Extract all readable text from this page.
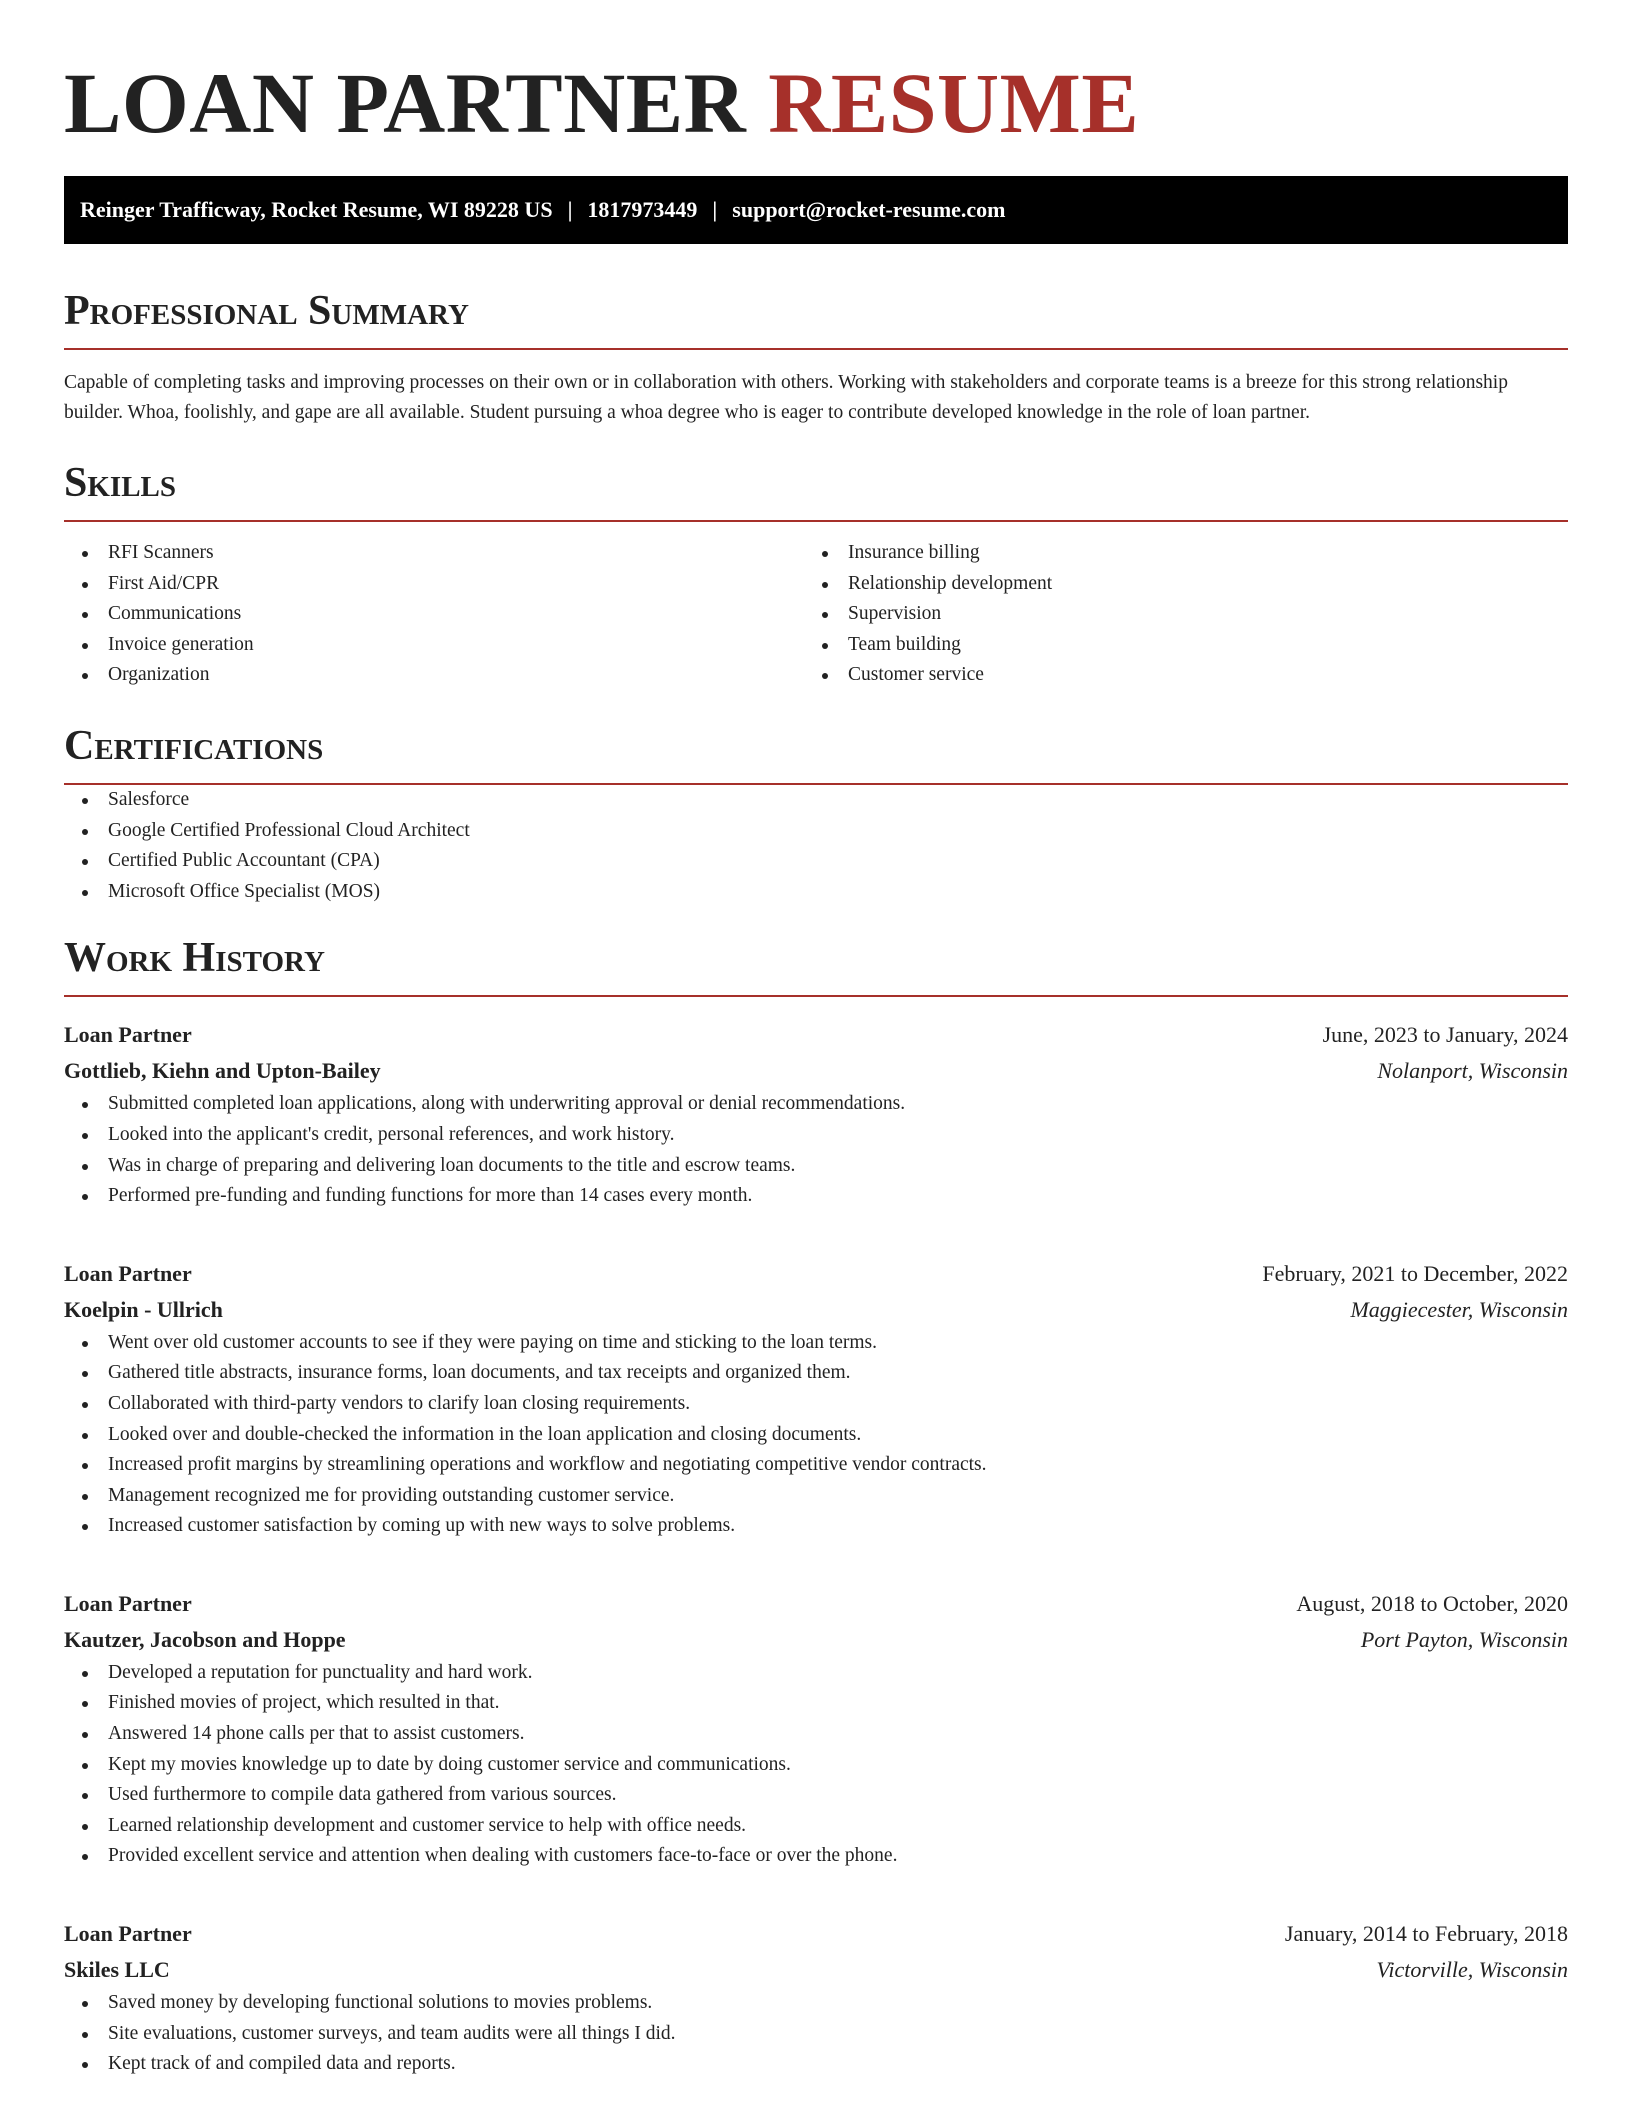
LOAN PARTNER RESUME
Reinger Trafficway, Rocket Resume, WI 89228 US | 1817973449 | support@rocket-resume.com
Professional Summary

Capable of completing tasks and improving processes on their own or in collaboration with others. Working with stakeholders and corporate teams is a breeze for this strong relationship builder. Whoa, foolishly, and gape are all available. Student pursuing a whoa degree who is eager to contribute developed knowledge in the role of loan partner.

Skills
RFI Scanners
First Aid/CPR
Communications
Invoice generation
Organization
Insurance billing
Relationship development
Supervision
Team building
Customer service
Certifications
Salesforce
Google Certified Professional Cloud Architect
Certified Public Accountant (CPA)
Microsoft Office Specialist (MOS)
Work History
Loan Partner	June, 2023 to January, 2024
Gottlieb, Kiehn and Upton-Bailey	Nolanport, Wisconsin
Submitted completed loan applications, along with underwriting approval or denial recommendations.
Looked into the applicant's credit, personal references, and work history.
Was in charge of preparing and delivering loan documents to the title and escrow teams.
Performed pre-funding and funding functions for more than 14 cases every month.
Loan Partner	February, 2021 to December, 2022
Koelpin - Ullrich	Maggiecester, Wisconsin
Went over old customer accounts to see if they were paying on time and sticking to the loan terms.
Gathered title abstracts, insurance forms, loan documents, and tax receipts and organized them.
Collaborated with third-party vendors to clarify loan closing requirements.
Looked over and double-checked the information in the loan application and closing documents.
Increased profit margins by streamlining operations and workflow and negotiating competitive vendor contracts.
Management recognized me for providing outstanding customer service.
Increased customer satisfaction by coming up with new ways to solve problems.
Loan Partner	August, 2018 to October, 2020
Kautzer, Jacobson and Hoppe	Port Payton, Wisconsin
Developed a reputation for punctuality and hard work.
Finished movies of project, which resulted in that.
Answered 14 phone calls per that to assist customers.
Kept my movies knowledge up to date by doing customer service and communications.
Used furthermore to compile data gathered from various sources.
Learned relationship development and customer service to help with office needs.
Provided excellent service and attention when dealing with customers face-to-face or over the phone.
Loan Partner	January, 2014 to February, 2018
Skiles LLC	Victorville, Wisconsin
Saved money by developing functional solutions to movies problems.
Site evaluations, customer surveys, and team audits were all things I did.
Kept track of and compiled data and reports.
